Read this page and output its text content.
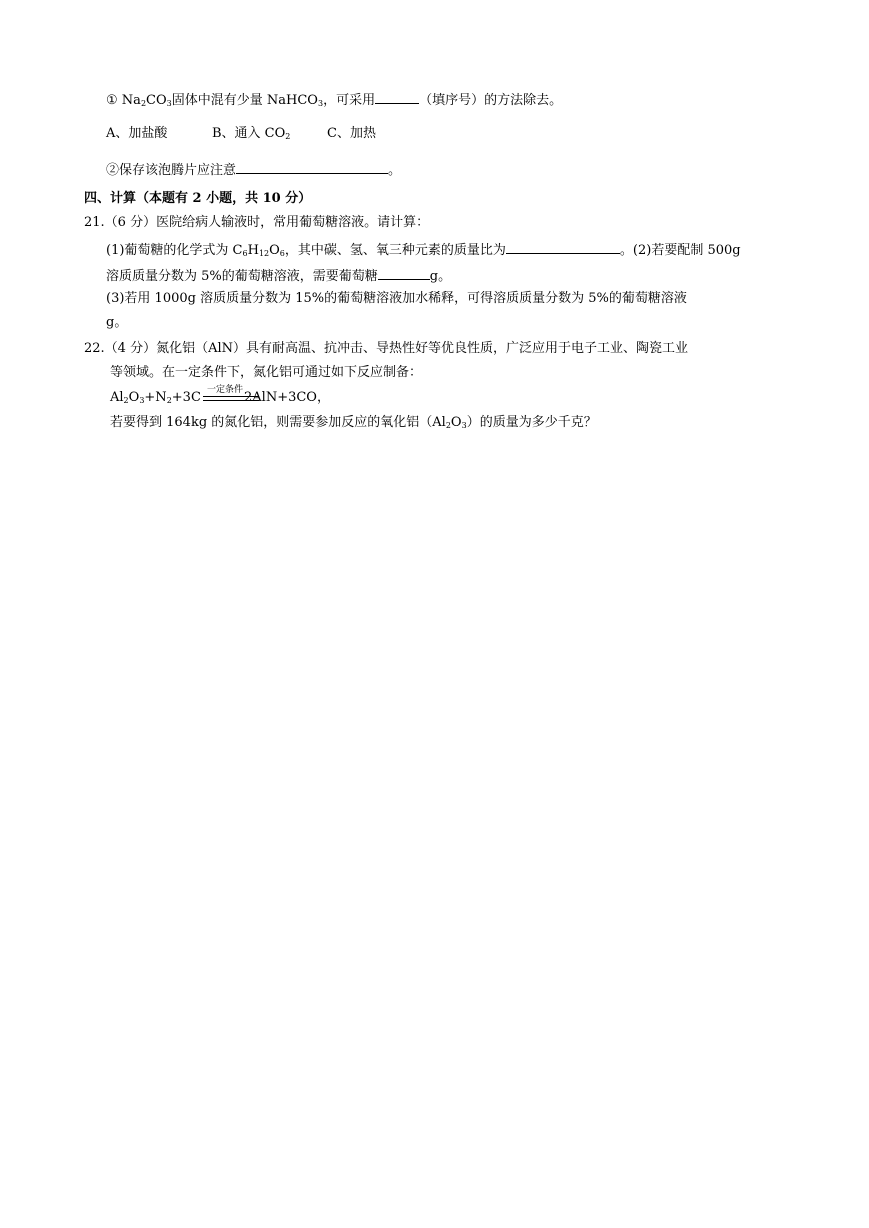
① $Na_2CO_3$固体中混有少量 NaHCO$_3$，可采用	（填序号）的方法除去。
A、加盐酸	B、通入 $CO_2$	C、加热
②保存该泡腾片应注意	。
四、计算（本题有 2 小题，共 10 分）
21.（6 分）医院给病人输液时，常用葡萄糖溶液。请计算：
(1)葡萄糖的化学式为 $C_6H_{12}O_6$，其中碳、氢、氧三种元素的质量比为	。(2)若要配制 500g
溶质质量分数为 5%的葡萄糖溶液，需要葡萄糖	g。
(3)若用 1000g 溶质质量分数为 15%的葡萄糖溶液加水稀释，可得溶质质量分数为 5%的葡萄糖溶液
g。
22.（4 分）氮化铝（AlN）具有耐高温、抗冲击、导热性好等优良性质，广泛应用于电子工业、陶瓷工业
等领域。在一定条件下，氮化铝可通过如下反应制备：
$Al_2O_3+N_2+3C$ 一定条件 2AlN+3CO，
若要得到 164kg 的氮化铝，则需要参加反应的氧化铝$(Al_2O_3)$的质量为多少千克？
